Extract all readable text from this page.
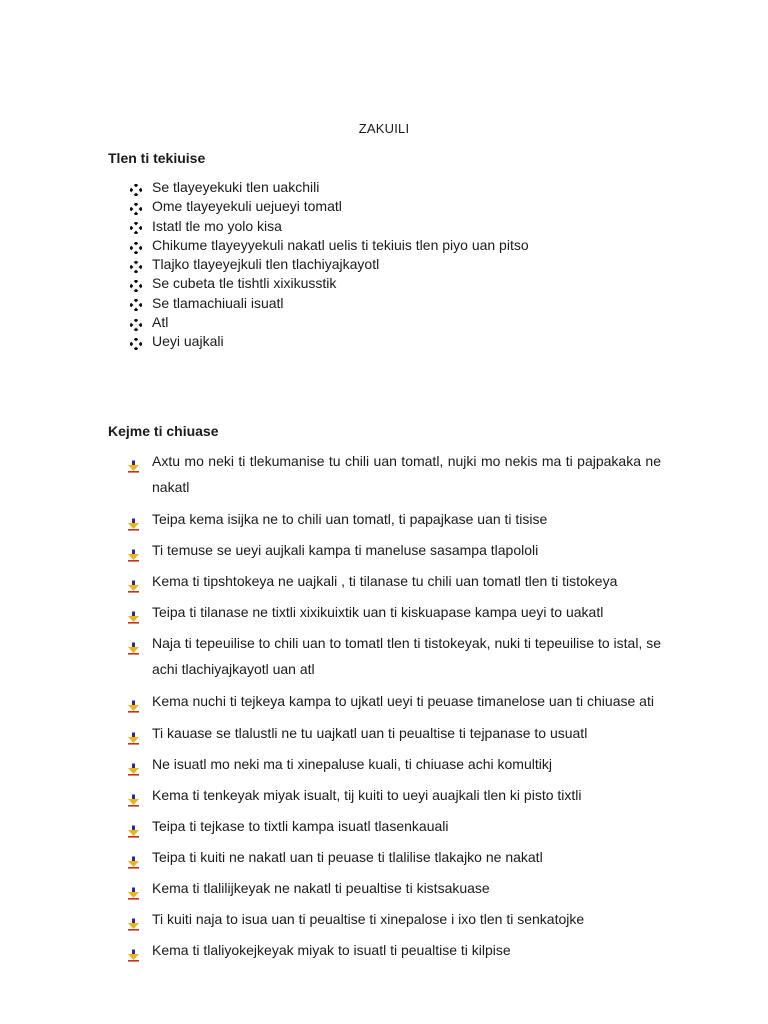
ZAKUILI
Tlen ti tekiuise
Se tlayeyekuki tlen uakchili
Ome tlayeyekuli uejueyi tomatl
Istatl tle mo yolo kisa
Chikume tlayeyyekuli nakatl uelis ti tekiuis tlen piyo uan pitso
Tlajko tlayeyejkuli tlen tlachiyajkayotl
Se cubeta tle tishtli xixikusstik
Se tlamachiuali isuatl
Atl
Ueyi uajkali
Kejme ti chiuase
Axtu mo neki ti tlekumanise tu chili uan tomatl, nujki mo nekis ma ti pajpakaka ne nakatl
Teipa kema isijka ne to chili uan tomatl, ti papajkase uan ti tisise
Ti temuse se ueyi aujkali kampa ti maneluse sasampa tlapololi
Kema ti tipshtokeya ne uajkali , ti tilanase tu chili uan tomatl tlen ti tistokeya
Teipa ti tilanase ne tixtli xixikuixtik uan ti kiskuapase kampa ueyi to uakatl
Naja ti tepeuilise to chili uan to tomatl tlen ti tistokeyak, nuki ti tepeuilise to istal, se achi tlachiyajkayotl uan atl
Kema nuchi ti tejkeya kampa to ujkatl ueyi ti peuase timanelose uan ti chiuase ati
Ti kauase se tlalustli ne tu uajkatl uan ti peualtise ti tejpanase to usuatl
Ne isuatl mo neki ma ti xinepaluse kuali, ti chiuase achi komultikj
Kema ti tenkeyak miyak isualt, tij kuiti to ueyi auajkali tlen ki pisto tixtli
Teipa ti tejkase to tixtli kampa isuatl tlasenkauali
Teipa ti kuiti ne nakatl uan ti peuase ti tlalilise tlakajko ne nakatl
Kema ti tlalilijkeyak ne nakatl ti peualtise ti kistsakuase
Ti kuiti naja to isua uan ti peualtise ti xinepalose i ixo tlen ti senkatojke
Kema ti tlaliyokejkeyak miyak to isuatl ti peualtise ti kilpise
